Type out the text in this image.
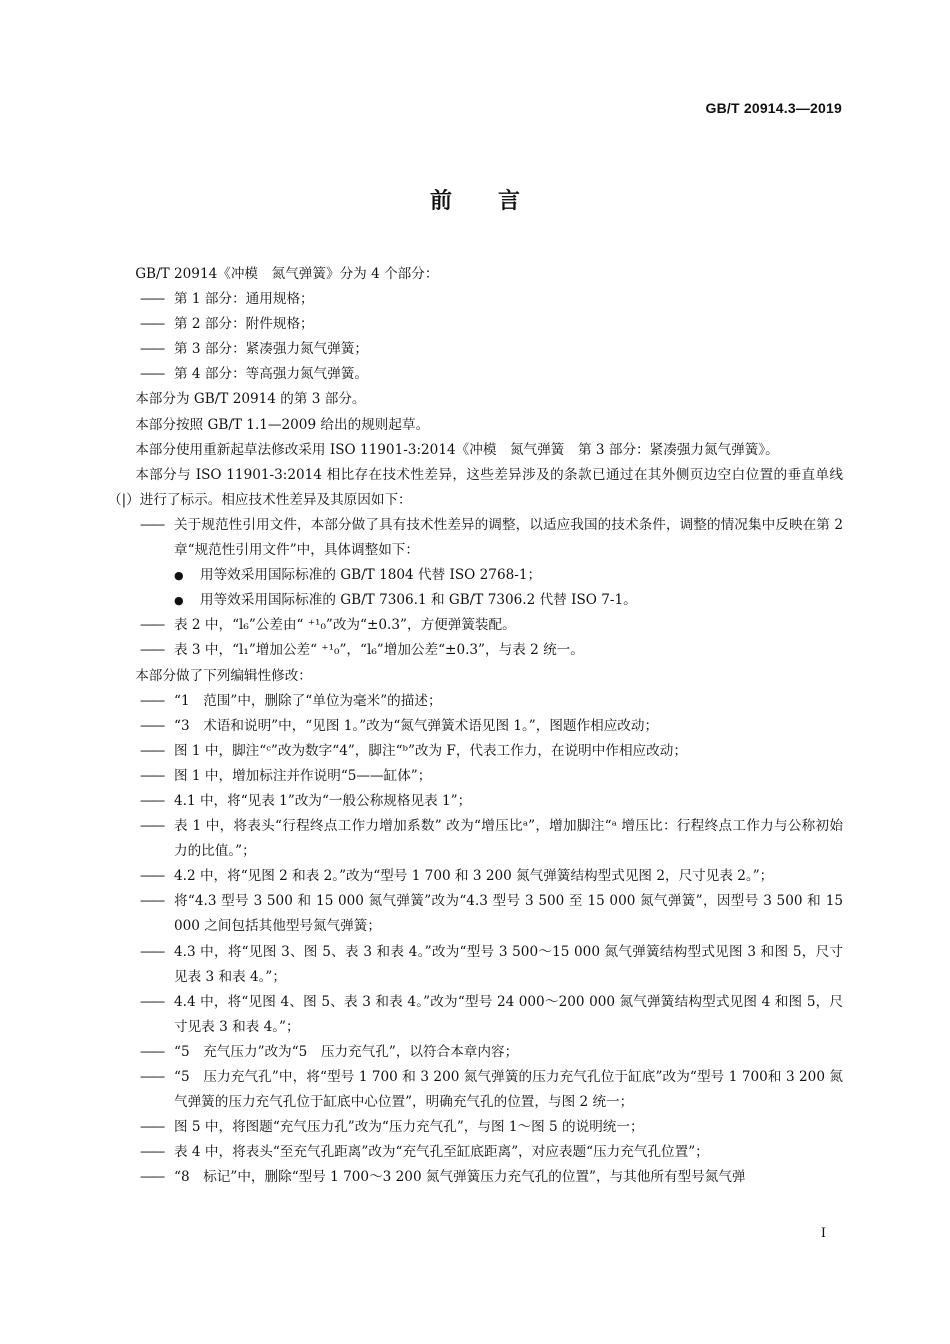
GB/T 20914.3—2019
前 言

GB/T 20914《冲模　氮气弹簧》分为 4 个部分：

—— 第 1 部分：通用规格；

—— 第 2 部分：附件规格；

—— 第 3 部分：紧凑强力氮气弹簧；

—— 第 4 部分：等高强力氮气弹簧。

本部分为 GB/T 20914 的第 3 部分。

本部分按照 GB/T 1.1—2009 给出的规则起草。

本部分使用重新起草法修改采用 ISO 11901-3:2014《冲模　氮气弹簧　第 3 部分：紧凑强力氮气弹簧》。

本部分与 ISO 11901-3:2014 相比存在技术性差异，这些差异涉及的条款已通过在其外侧页边空白位置的垂直单线（|）进行了标示。相应技术性差异及其原因如下：

—— 关于规范性引用文件，本部分做了具有技术性差异的调整，以适应我国的技术条件，调整的情况集中反映在第 2 章“规范性引用文件”中，具体调整如下：

● 用等效采用国际标准的 GB/T 1804 代替 ISO 2768-1；

● 用等效采用国际标准的 GB/T 7306.1 和 GB/T 7306.2 代替 ISO 7-1。

—— 表 2 中，“l₆”公差由“ ⁺¹₀”改为“±0.3”，方便弹簧装配。

—— 表 3 中，“l₁”增加公差“ ⁺¹₀”，“l₆”增加公差“±0.3”，与表 2 统一。

本部分做了下列编辑性修改：

—— “1　范围”中，删除了“单位为毫米”的描述；

—— “3　术语和说明”中，“见图 1。”改为“氮气弹簧术语见图 1。”，图题作相应改动；

—— 图 1 中，脚注“ᶜ”改为数字“4”，脚注“ᵇ”改为 F，代表工作力，在说明中作相应改动；

—— 图 1 中，增加标注并作说明“5——缸体”；

—— 4.1 中，将“见表 1”改为“一般公称规格见表 1”；

—— 表 1 中，将表头“行程终点工作力增加系数” 改为“增压比ᵃ”，增加脚注“ᵃ 增压比：行程终点工作力与公称初始力的比值。”；

—— 4.2 中，将“见图 2 和表 2。”改为“型号 1 700 和 3 200 氮气弹簧结构型式见图 2，尺寸见表 2。”；

—— 将“4.3 型号 3 500 和 15 000 氮气弹簧”改为“4.3 型号 3 500 至 15 000 氮气弹簧”，因型号 3 500 和 15 000 之间包括其他型号氮气弹簧；

—— 4.3 中，将“见图 3、图 5、表 3 和表 4。”改为“型号 3 500～15 000 氮气弹簧结构型式见图 3 和图 5，尺寸见表 3 和表 4。”；

—— 4.4 中，将“见图 4、图 5、表 3 和表 4。”改为“型号 24 000～200 000 氮气弹簧结构型式见图 4 和图 5，尺寸见表 3 和表 4。”；

—— “5　充气压力”改为“5　压力充气孔”，以符合本章内容；

—— “5　压力充气孔”中，将“型号 1 700 和 3 200 氮气弹簧的压力充气孔位于缸底”改为“型号 1 700和 3 200 氮气弹簧的压力充气孔位于缸底中心位置”，明确充气孔的位置，与图 2 统一；

—— 图 5 中，将图题“充气压力孔”改为“压力充气孔”，与图 1～图 5 的说明统一；

—— 表 4 中，将表头“至充气孔距离”改为“充气孔至缸底距离”，对应表题“压力充气孔位置”；

—— “8　标记”中，删除“型号 1 700～3 200 氮气弹簧压力充气孔的位置”，与其他所有型号氮气弹

I
